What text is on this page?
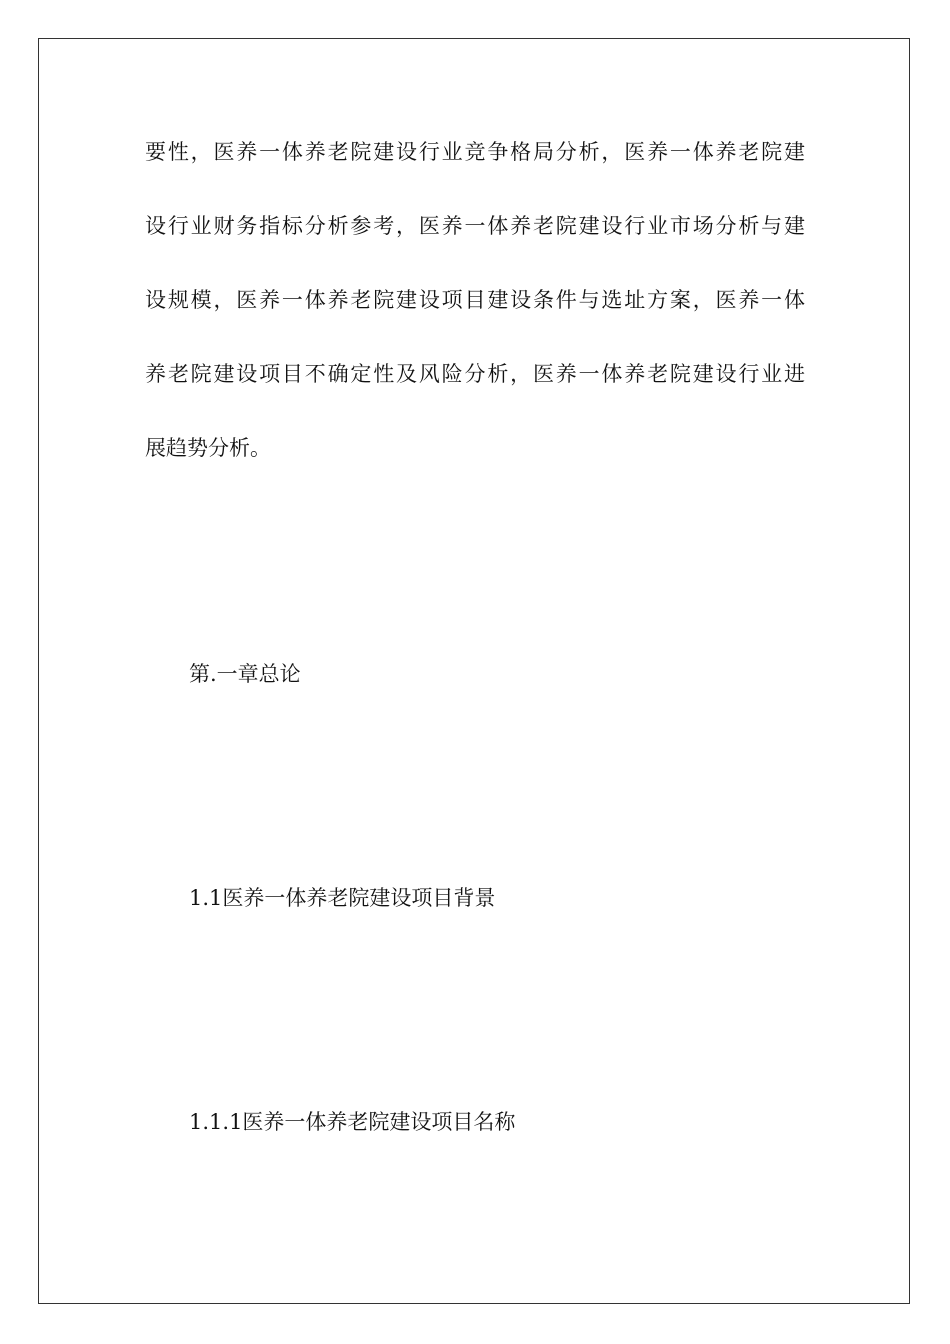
要性，医养一体养老院建设行业竞争格局分析，医养一体养老院建
设行业财务指标分析参考，医养一体养老院建设行业市场分析与建
设规模，医养一体养老院建设项目建设条件与选址方案，医养一体
养老院建设项目不确定性及风险分析，医养一体养老院建设行业进
展趋势分析。
第.一章总论
1.1医养一体养老院建设项目背景
1.1.1医养一体养老院建设项目名称
